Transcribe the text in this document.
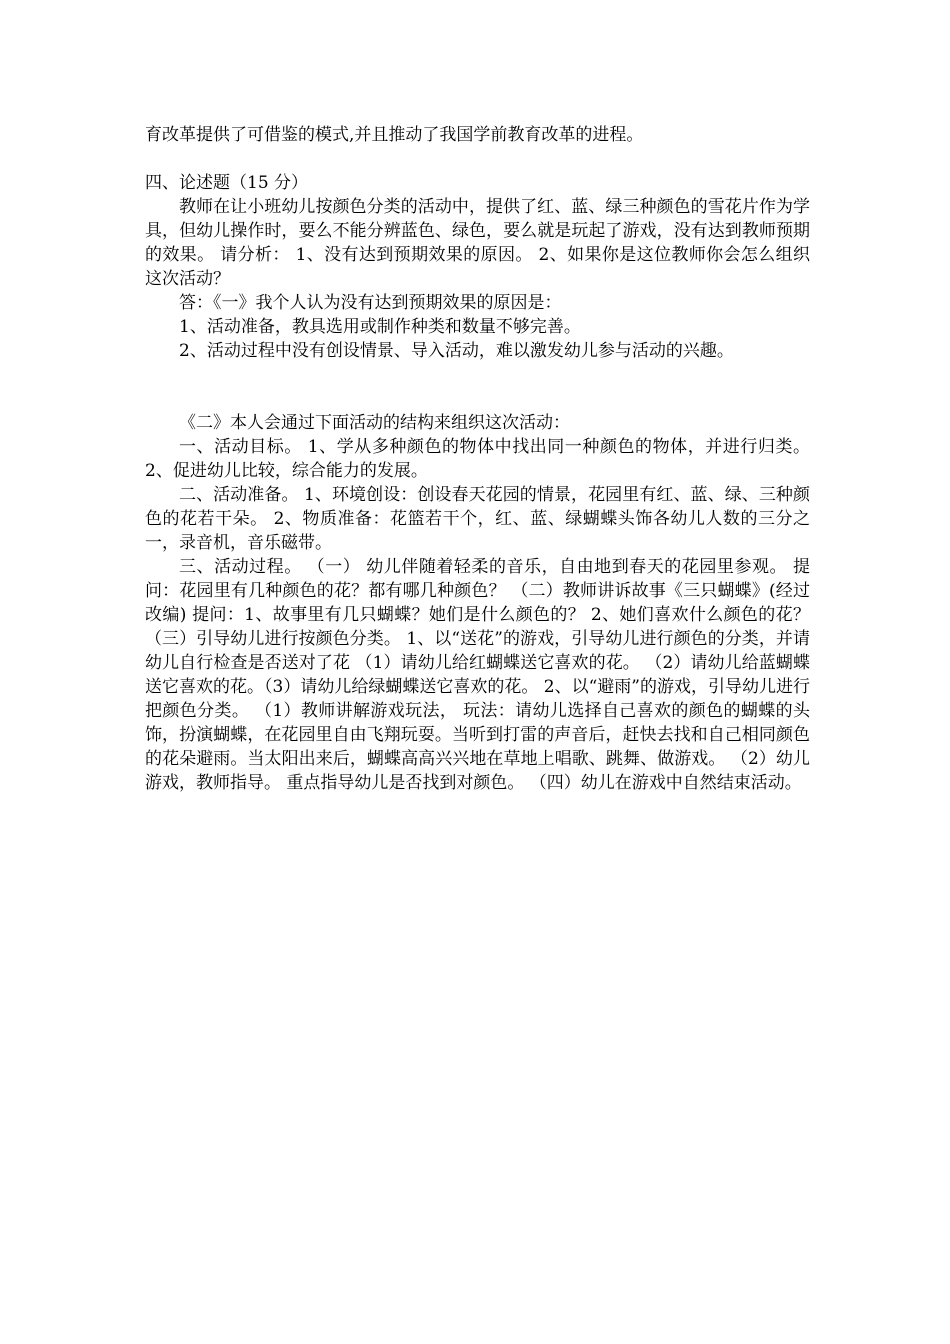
育改革提供了可借鉴的模式,并且推动了我国学前教育改革的进程。

四、论述题（15 分）

教师在让小班幼儿按颜色分类的活动中，提供了红、蓝、绿三种颜色的雪花片作为学具，但幼儿操作时，要么不能分辨蓝色、绿色，要么就是玩起了游戏，没有达到教师预期的效果。 请分析： 1、没有达到预期效果的原因。 2、如果你是这位教师你会怎么组织这次活动？

答：《一》我个人认为没有达到预期效果的原因是：

1、活动准备，教具选用或制作种类和数量不够完善。

2、活动过程中没有创设情景、导入活动，难以激发幼儿参与活动的兴趣。

《二》本人会通过下面活动的结构来组织这次活动：

一、活动目标。 1、学从多种颜色的物体中找出同一种颜色的物体，并进行归类。 2、促进幼儿比较，综合能力的发展。

二、活动准备。 1、环境创设：创设春天花园的情景，花园里有红、蓝、绿、三种颜色的花若干朵。 2、物质准备：花篮若干个，红、蓝、绿蝴蝶头饰各幼儿人数的三分之一，录音机，音乐磁带。

三、活动过程。 （一） 幼儿伴随着轻柔的音乐，自由地到春天的花园里参观。 提问：花园里有几种颜色的花？都有哪几种颜色？ （二）教师讲诉故事《三只蝴蝶》(经过改编) 提问：1、故事里有几只蝴蝶？她们是什么颜色的？ 2、她们喜欢什么颜色的花？ （三）引导幼儿进行按颜色分类。 1、以“送花”的游戏，引导幼儿进行颜色的分类，并请幼儿自行检查是否送对了花 （1）请幼儿给红蝴蝶送它喜欢的花。 （2）请幼儿给蓝蝴蝶送它喜欢的花。（3）请幼儿给绿蝴蝶送它喜欢的花。 2、以“避雨”的游戏，引导幼儿进行把颜色分类。 （1）教师讲解游戏玩法， 玩法：请幼儿选择自己喜欢的颜色的蝴蝶的头饰，扮演蝴蝶，在花园里自由飞翔玩耍。当听到打雷的声音后，赶快去找和自己相同颜色的花朵避雨。当太阳出来后，蝴蝶高高兴兴地在草地上唱歌、跳舞、做游戏。 （2）幼儿游戏，教师指导。 重点指导幼儿是否找到对颜色。 （四）幼儿在游戏中自然结束活动。
